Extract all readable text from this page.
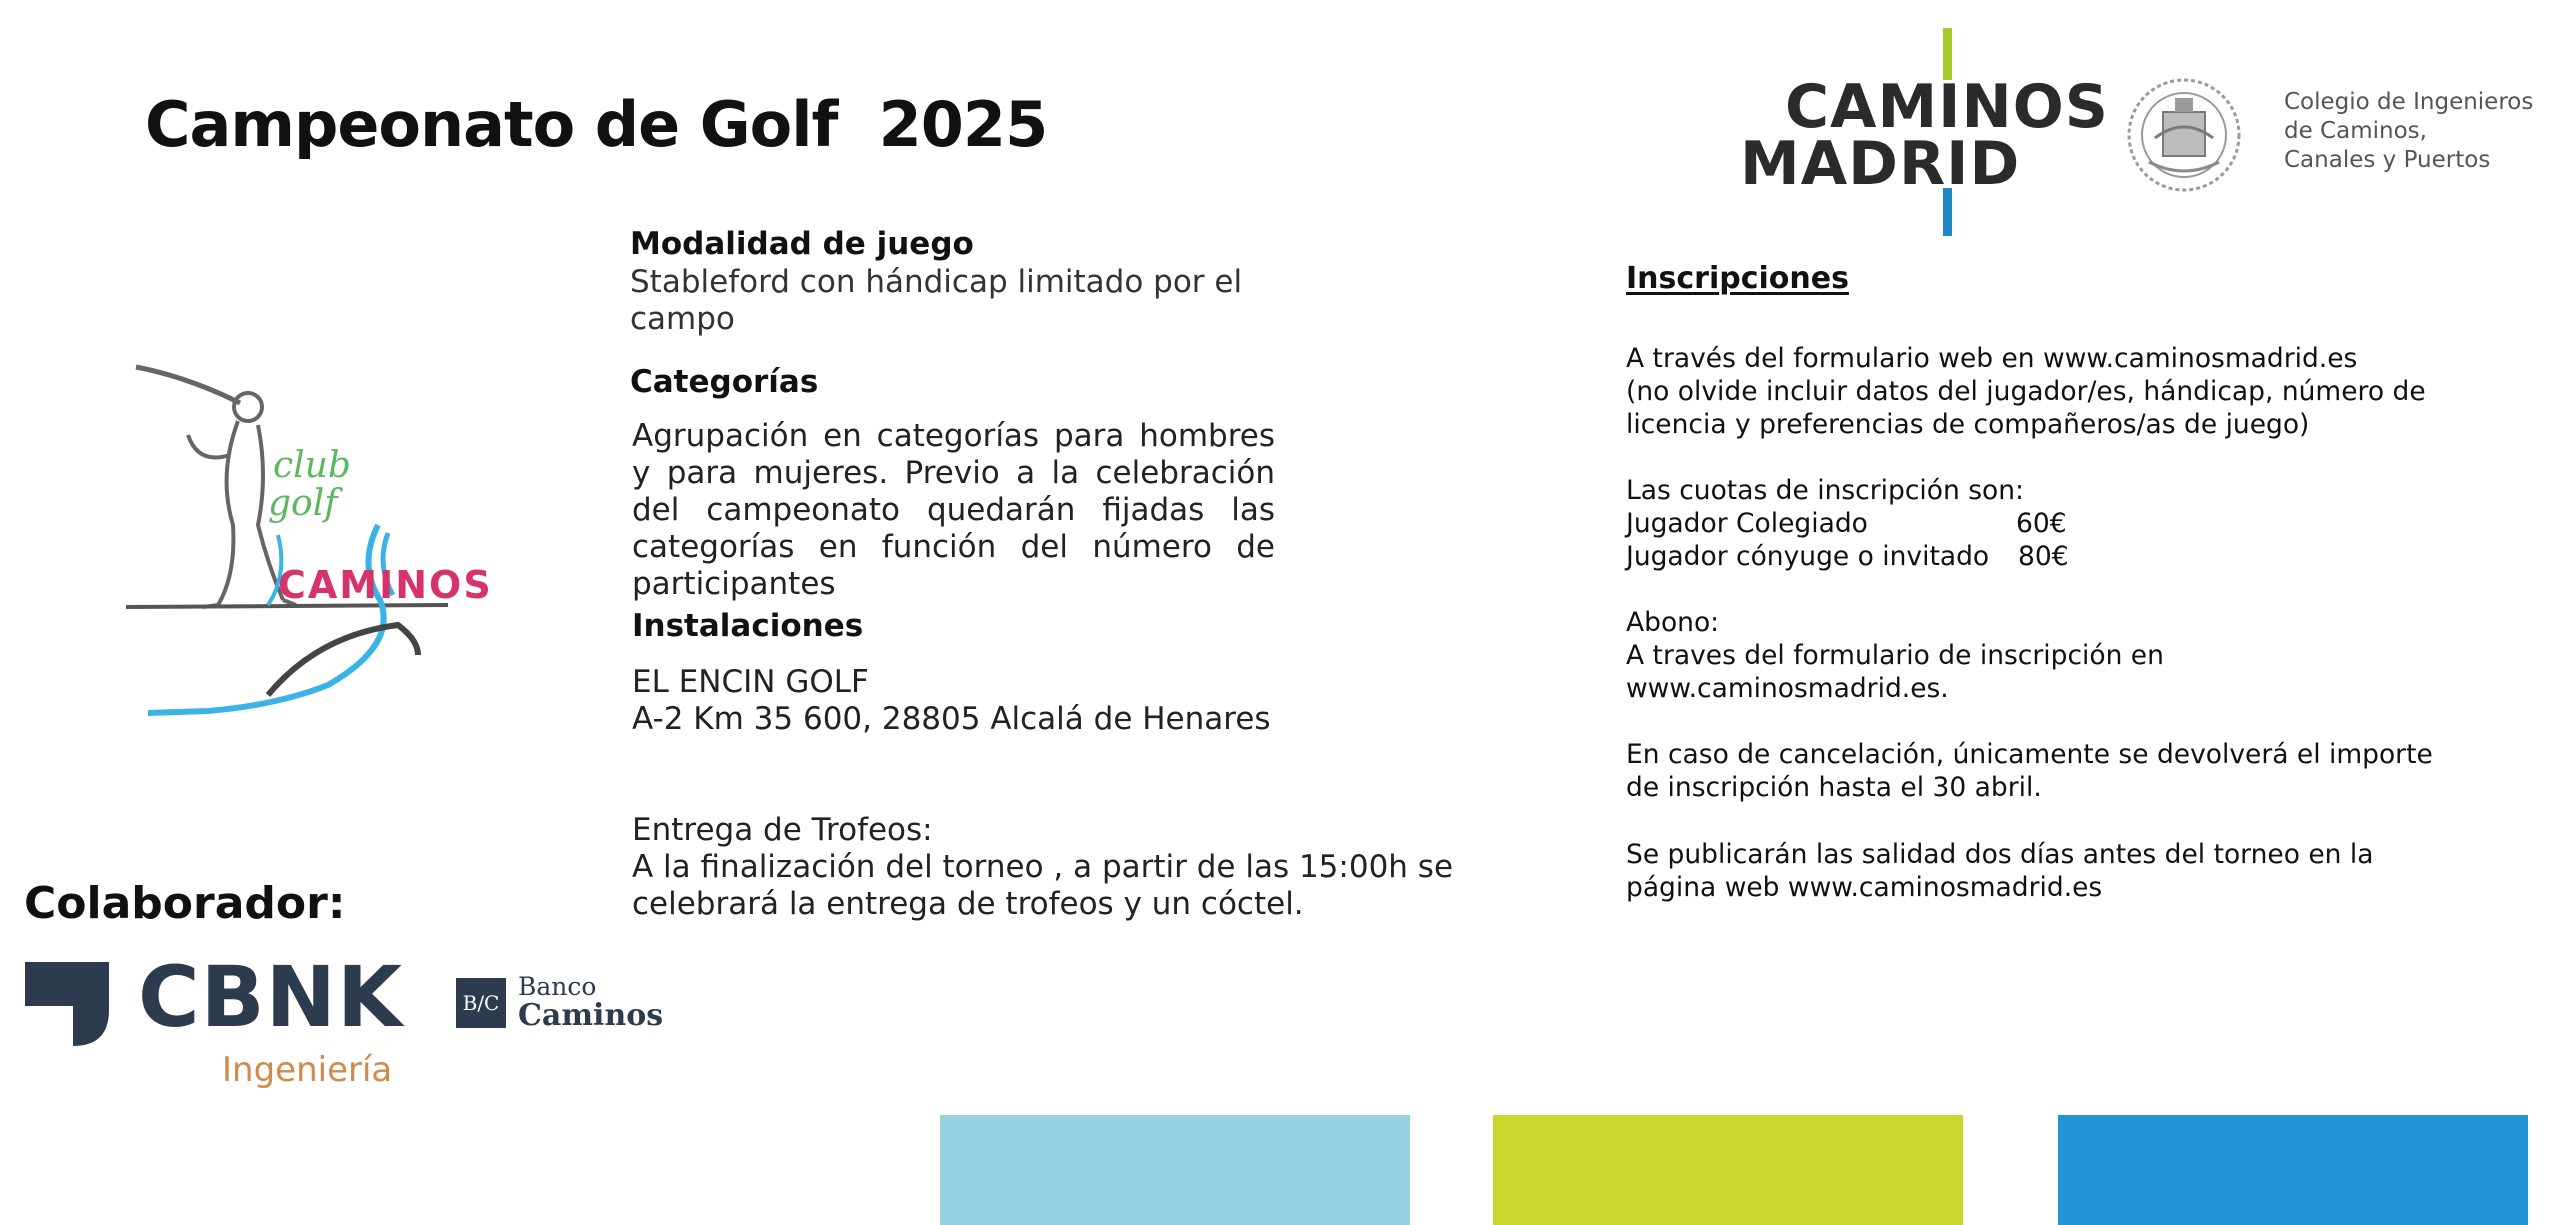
Campeonato de Golf  2025	CAMINOS
MADRID
Colegio de Ingenieros
de Caminos,
Canales y Puertos
club
golf
CAMINOS
Modalidad de juego
Stableford con hándicap limitado por el
campo
Categorías
Agrupación en categorías para hombres y para mujeres. Previo a la celebración del campeonato quedarán fijadas las categorías en función del número de participantes
Instalaciones
EL ENCIN GOLF
A-2 Km 35 600, 28805 Alcalá de Henares
Entrega de Trofeos:
A la finalización del torneo , a partir de las 15:00h se
celebrará la entrega de trofeos y un cóctel.
Inscripciones
A través del formulario web en www.caminosmadrid.es
(no olvide incluir datos del jugador/es, hándicap, número de
licencia y preferencias de compañeros/as de juego)
Las cuotas de inscripción son:
Jugador Colegiado	60€
Jugador cónyuge o invitado	80€
Abono:
A traves del formulario de inscripción en
www.caminosmadrid.es.
En caso de cancelación, únicamente se devolverá el importe
de inscripción hasta el 30 abril.
Se publicarán las salidad dos días antes del torneo en la
página web www.caminosmadrid.es
Colaborador:
CBNK
Ingeniería
B/C
Banco
Caminos
